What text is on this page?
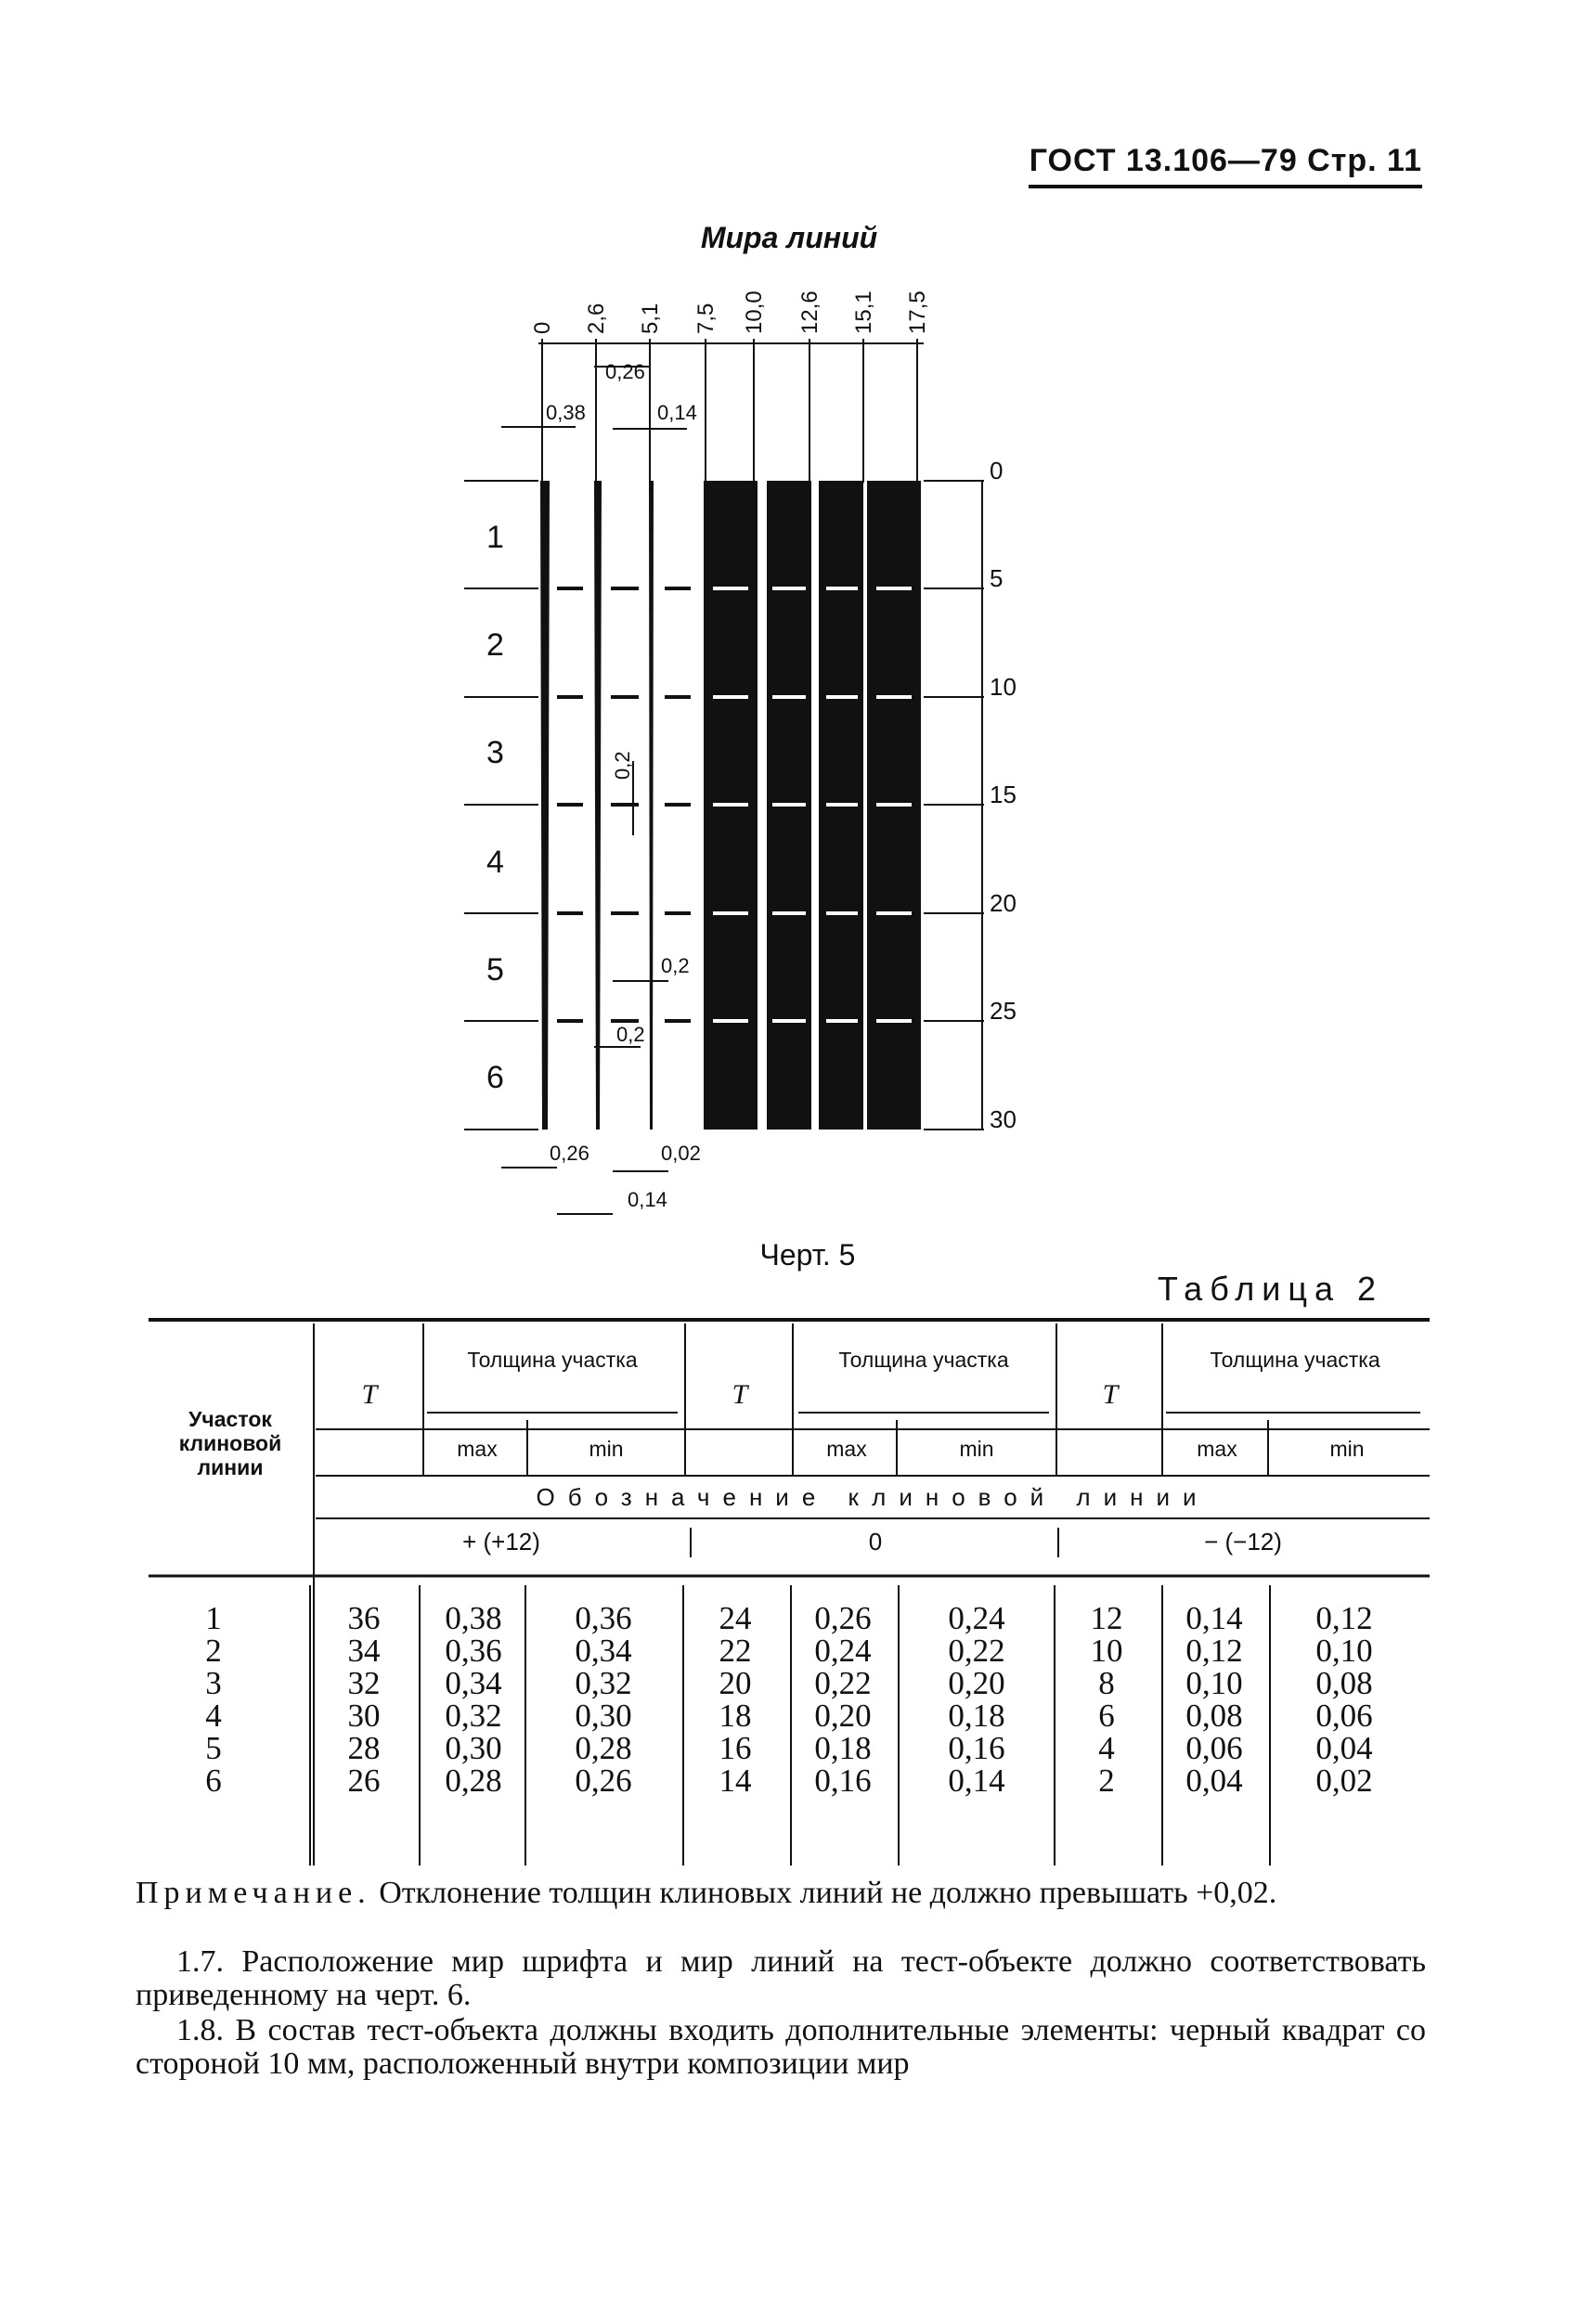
ГОСТ 13.106—79 Стр. 11
Мира линий
0 2,6 5,1 7,5 10,0 12,6 15,1 17,5
0
5
10
15
20
25
30
1
2
3
4
5
6
0,38
0,26
0,14
0,2
0,2
0,2
0,26	0,02
0,14
Черт. 5
Таблица 2
Участок клиновой линии
Т	Т	Т
Толщина участка	Толщина участка	Толщина участка
max	min	max	min	max	min
Обозначение клиновой линии
+ (+12)	0	− (−12)
1	36	0,38	0,36	24	0,26	0,24	12	0,14	0,12
2	34	0,36	0,34	22	0,24	0,22	10	0,12	0,10
3	32	0,34	0,32	20	0,22	0,20	8	0,10	0,08
4	30	0,32	0,30	18	0,20	0,18	6	0,08	0,06
5	28	0,30	0,28	16	0,18	0,16	4	0,06	0,04
6	26	0,28	0,26	14	0,16	0,14	2	0,04	0,02
Примечание. Отклонение толщин клиновых линий не должно превышать +0,02.
1.7. Расположение мир шрифта и мир линий на тест-объекте должно соответствовать приведенному на черт. 6.
1.8. В состав тест-объекта должны входить дополнительные элементы: черный квадрат со стороной 10 мм, расположенный внутри композиции мир
